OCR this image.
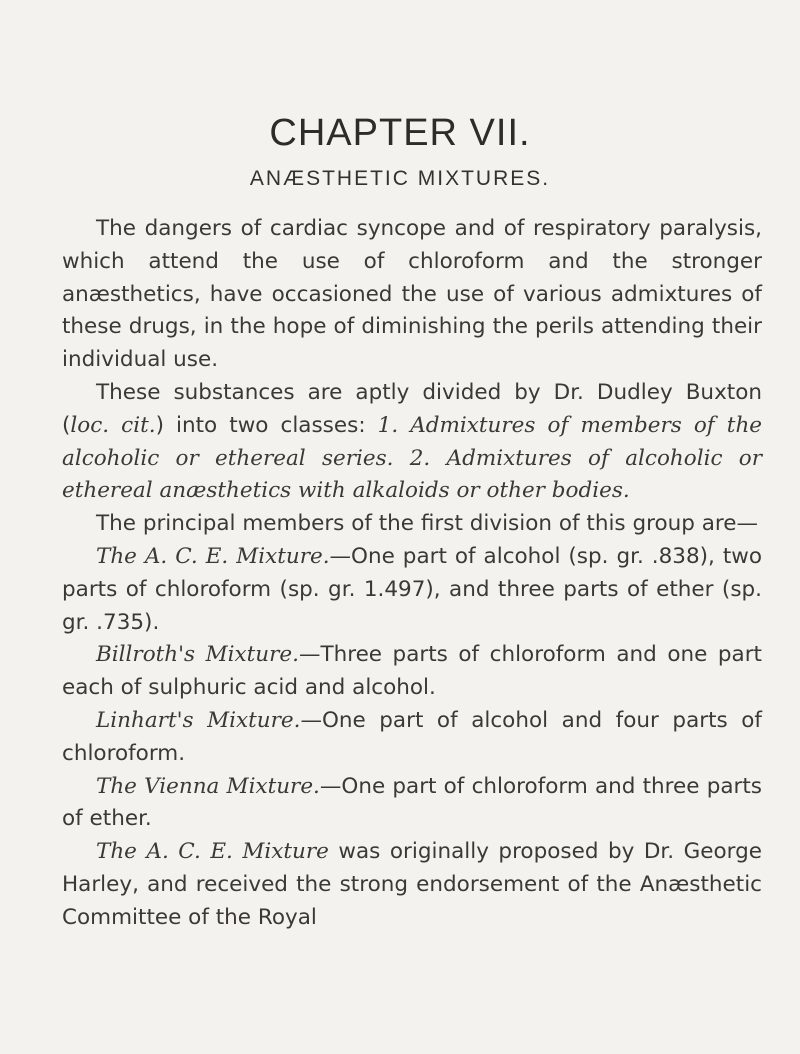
CHAPTER VII.
ANÆSTHETIC MIXTURES.

The dangers of cardiac syncope and of respiratory paralysis, which attend the use of chloroform and the stronger anæsthetics, have occasioned the use of various admixtures of these drugs, in the hope of diminishing the perils attending their individual use.

These substances are aptly divided by Dr. Dudley Buxton (loc. cit.) into two classes: 1. Admixtures of members of the alcoholic or ethereal series. 2. Admixtures of alcoholic or ethereal anæsthetics with alkaloids or other bodies.

The principal members of the first division of this group are—

The A. C. E. Mixture.—One part of alcohol (sp. gr. .838), two parts of chloroform (sp. gr. 1.497), and three parts of ether (sp. gr. .735).

Billroth's Mixture.—Three parts of chloroform and one part each of sulphuric acid and alcohol.

Linhart's Mixture.—One part of alcohol and four parts of chloroform.

The Vienna Mixture.—One part of chloroform and three parts of ether.

The A. C. E. Mixture was originally proposed by Dr. George Harley, and received the strong endorsement of the Anæsthetic Committee of the Royal
